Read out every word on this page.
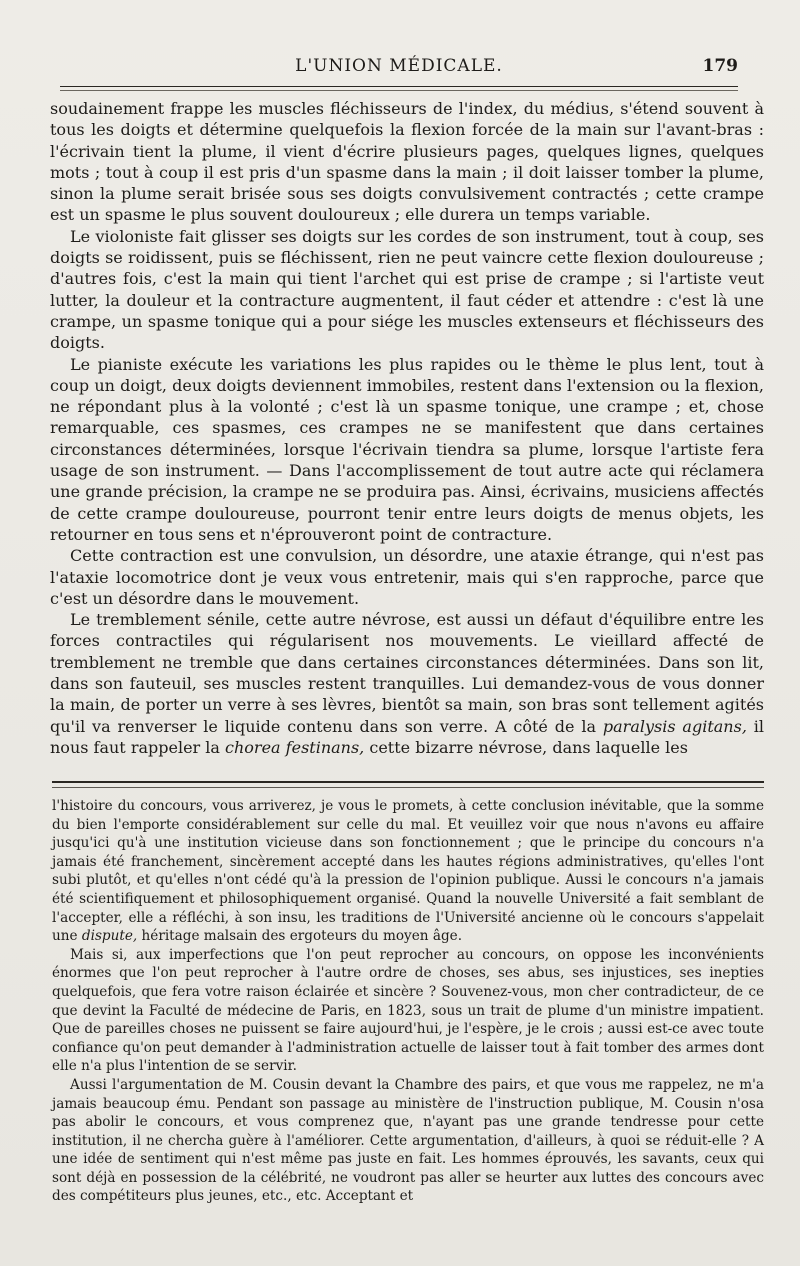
L'UNION MÉDICALE.	179

soudainement frappe les muscles fléchisseurs de l'index, du médius, s'étend souvent à tous les doigts et détermine quelquefois la flexion forcée de la main sur l'avant-bras : l'écrivain tient la plume, il vient d'écrire plusieurs pages, quelques lignes, quelques mots ; tout à coup il est pris d'un spasme dans la main ; il doit laisser tomber la plume, sinon la plume serait brisée sous ses doigts convulsivement contractés ; cette crampe est un spasme le plus souvent douloureux ; elle durera un temps variable.

Le violoniste fait glisser ses doigts sur les cordes de son instrument, tout à coup, ses doigts se roidissent, puis se fléchissent, rien ne peut vaincre cette flexion douloureuse ; d'autres fois, c'est la main qui tient l'archet qui est prise de crampe ; si l'artiste veut lutter, la douleur et la contracture augmentent, il faut céder et attendre : c'est là une crampe, un spasme tonique qui a pour siége les muscles extenseurs et fléchisseurs des doigts.

Le pianiste exécute les variations les plus rapides ou le thème le plus lent, tout à coup un doigt, deux doigts deviennent immobiles, restent dans l'extension ou la flexion, ne répondant plus à la volonté ; c'est là un spasme tonique, une crampe ; et, chose remarquable, ces spasmes, ces crampes ne se manifestent que dans certaines circonstances déterminées, lorsque l'écrivain tiendra sa plume, lorsque l'artiste fera usage de son instrument. — Dans l'accomplissement de tout autre acte qui réclamera une grande précision, la crampe ne se produira pas. Ainsi, écrivains, musiciens affectés de cette crampe douloureuse, pourront tenir entre leurs doigts de menus objets, les retourner en tous sens et n'éprouveront point de contracture.

Cette contraction est une convulsion, un désordre, une ataxie étrange, qui n'est pas l'ataxie locomotrice dont je veux vous entretenir, mais qui s'en rapproche, parce que c'est un désordre dans le mouvement.

Le tremblement sénile, cette autre névrose, est aussi un défaut d'équilibre entre les forces contractiles qui régularisent nos mouvements. Le vieillard affecté de tremblement ne tremble que dans certaines circonstances déterminées. Dans son lit, dans son fauteuil, ses muscles restent tranquilles. Lui demandez-vous de vous donner la main, de porter un verre à ses lèvres, bientôt sa main, son bras sont tellement agités qu'il va renverser le liquide contenu dans son verre. A côté de la paralysis agitans, il nous faut rappeler la chorea festinans, cette bizarre névrose, dans laquelle les

l'histoire du concours, vous arriverez, je vous le promets, à cette conclusion inévitable, que la somme du bien l'emporte considérablement sur celle du mal. Et veuillez voir que nous n'avons eu affaire jusqu'ici qu'à une institution vicieuse dans son fonctionnement ; que le principe du concours n'a jamais été franchement, sincèrement accepté dans les hautes régions administratives, qu'elles l'ont subi plutôt, et qu'elles n'ont cédé qu'à la pression de l'opinion publique. Aussi le concours n'a jamais été scientifiquement et philosophiquement organisé. Quand la nouvelle Université a fait semblant de l'accepter, elle a réfléchi, à son insu, les traditions de l'Université ancienne où le concours s'appelait une dispute, héritage malsain des ergoteurs du moyen âge.

Mais si, aux imperfections que l'on peut reprocher au concours, on oppose les inconvénients énormes que l'on peut reprocher à l'autre ordre de choses, ses abus, ses injustices, ses inepties quelquefois, que fera votre raison éclairée et sincère ? Souvenez-vous, mon cher contradicteur, de ce que devint la Faculté de médecine de Paris, en 1823, sous un trait de plume d'un ministre impatient. Que de pareilles choses ne puissent se faire aujourd'hui, je l'espère, je le crois ; aussi est-ce avec toute confiance qu'on peut demander à l'administration actuelle de laisser tout à fait tomber des armes dont elle n'a plus l'intention de se servir.

Aussi l'argumentation de M. Cousin devant la Chambre des pairs, et que vous me rappelez, ne m'a jamais beaucoup ému. Pendant son passage au ministère de l'instruction publique, M. Cousin n'osa pas abolir le concours, et vous comprenez que, n'ayant pas une grande tendresse pour cette institution, il ne chercha guère à l'améliorer. Cette argumentation, d'ailleurs, à quoi se réduit-elle ? A une idée de sentiment qui n'est même pas juste en fait. Les hommes éprouvés, les savants, ceux qui sont déjà en possession de la célébrité, ne voudront pas aller se heurter aux luttes des concours avec des compétiteurs plus jeunes, etc., etc. Acceptant et
